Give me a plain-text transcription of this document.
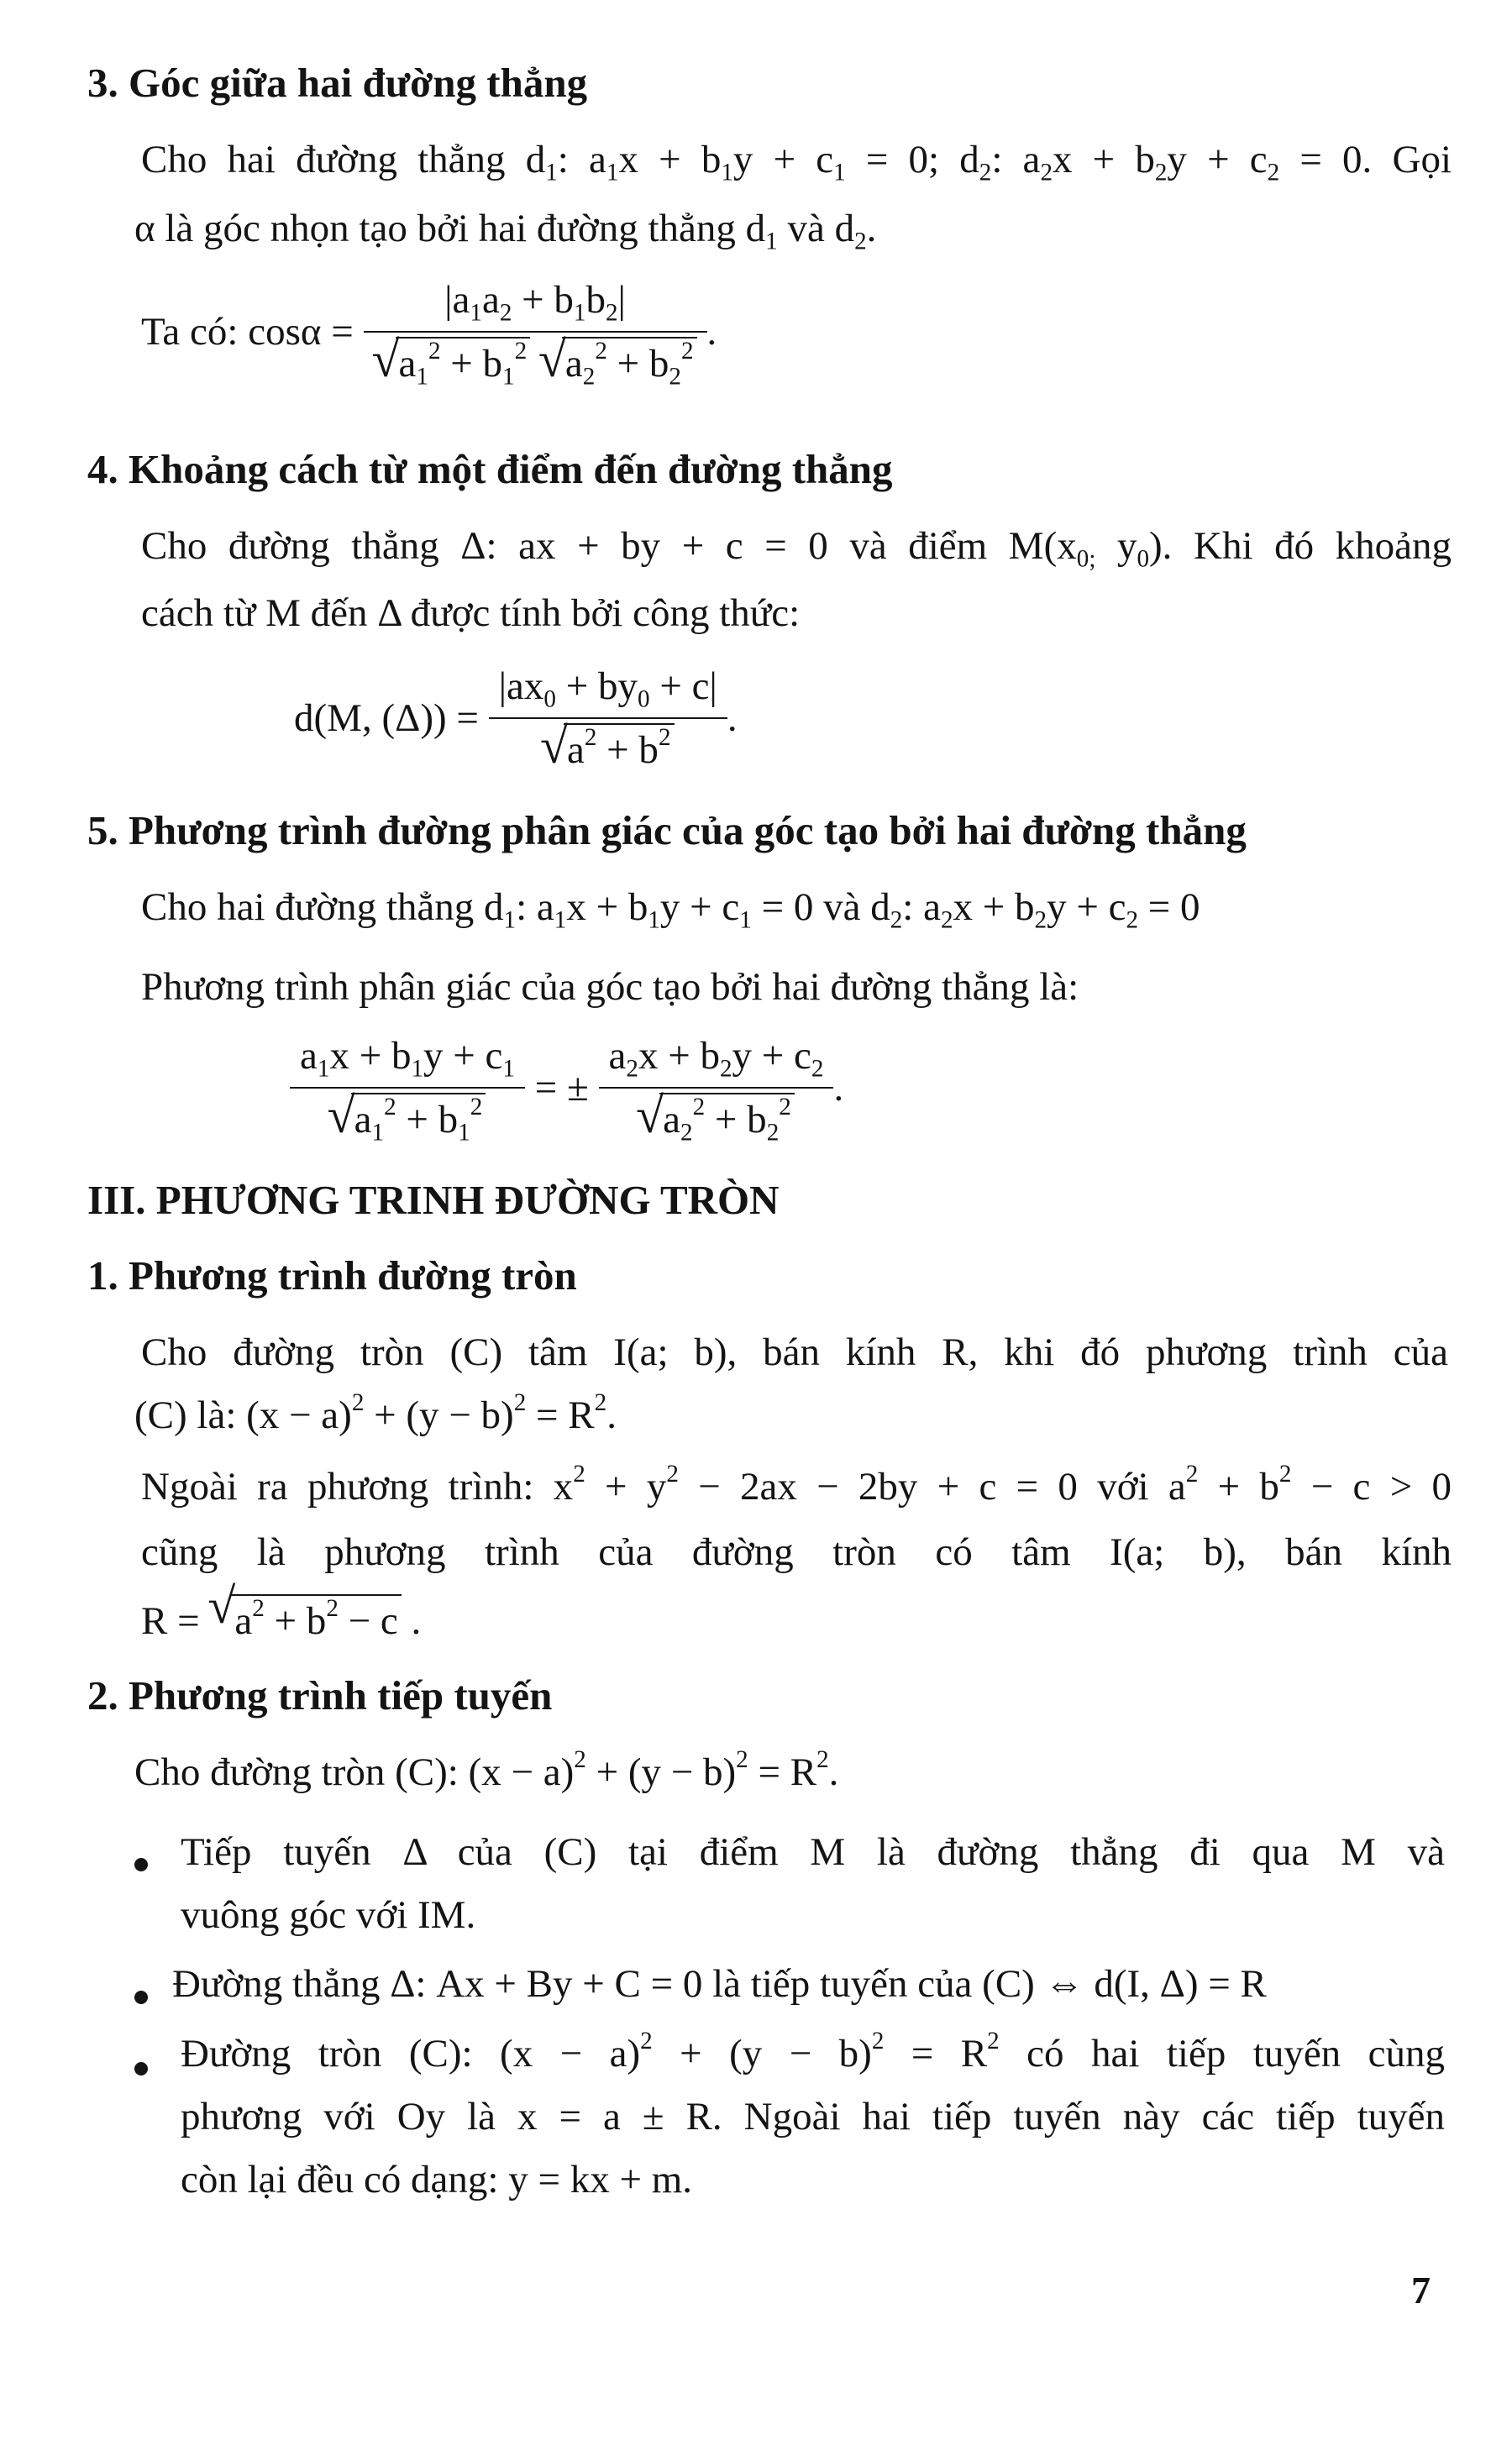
3. Góc giữa hai đường thẳng
Cho hai đường thẳng $d_1$: $a_1x + b_1y + c_1 = 0$; $d_2$: $a_2x + b_2y + c_2 = 0$. Gọi
α là góc nhọn tạo bởi hai đường thẳng $d_1$ và $d_2$.
Ta có: cosα =
$|a_1a_2 + b_1b_2|$
√ $a_1^2 + b_1^2$ √ $a_2^2 + b_2^2$ .
4. Khoảng cách từ một điểm đến đường thẳng
Cho đường thẳng Δ: ax + by + c = 0 và điểm $M(x_{0;}$ $y_0$). Khi đó khoảng
cách từ M đến Δ được tính bởi công thức:
d(M, (Δ)) =
$|ax_0 + by_0 + c|$
√ $a^2 + b^2$ .
5. Phương trình đường phân giác của góc tạo bởi hai đường thẳng
Cho hai đường thẳng $d_1$: $a_1x + b_1y + c_1 = 0$ và $d_2$: $a_2x + b_2y + c_2 = 0$
Phương trình phân giác của góc tạo bởi hai đường thẳng là:
$a_1x + b_1y + c_1$
√ $a_1^2 + b_1^2$ = ± $a_2x + b_2y + c_2$
√ $a_2^2 + b_2^2$ .
III. PHƯƠNG TRINH ĐƯỜNG TRÒN
1. Phương trình đường tròn
Cho đường tròn (C) tâm I(a; b), bán kính R, khi đó phương trình của
(C) là: $(x - a)^2 + (y - b)^2 = R^2$.
Ngoài ra phương trình: $x^2 + y^2 - 2ax - 2by + c = 0$ với $a^2 + b^2 - c > 0$
cũng là phương trình của đường tròn có tâm I(a; b), bán kính
R = √ $a^2 + b^2 - c$ .
2. Phương trình tiếp tuyến
Cho đường tròn (C): $(x - a)^2 + (y - b)^2 = R^2$.
Tiếp tuyến Δ của (C) tại điểm M là đường thẳng đi qua M và
vuông góc với IM.
Đường thẳng Δ: Ax + By + C = 0 là tiếp tuyến của (C) ⇔ d(I, Δ) = R
Đường tròn (C): $(x - a)^2 + (y - b)^2 = R^2$ có hai tiếp tuyến cùng
phương với Oy là x = a ± R. Ngoài hai tiếp tuyến này các tiếp tuyến
còn lại đều có dạng: y = kx + m.
7
